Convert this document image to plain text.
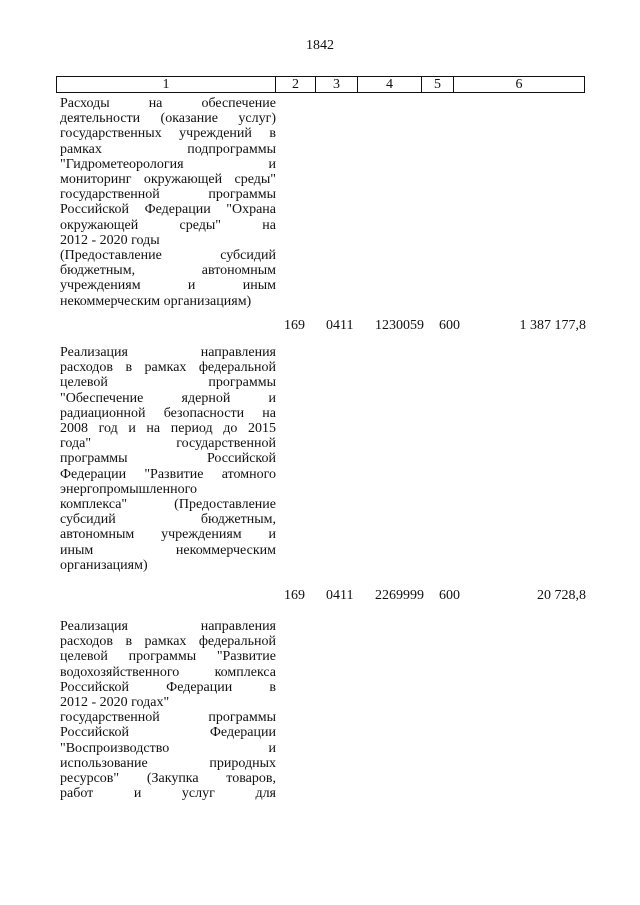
1842
1	2	3	4	5	6
Расходы на обеспечение
деятельности (оказание услуг)
государственных учреждений в
рамках подпрограммы
"Гидрометеорология и
мониторинг окружающей среды"
государственной программы
Российской Федерации "Охрана
окружающей среды" на
2012 - 2020 годы
(Предоставление субсидий
бюджетным, автономным
учреждениям и иным
некоммерческим организациям)
169 0411 1230059 600	1 387 177,8
Реализация направления
расходов в рамках федеральной
целевой программы
"Обеспечение ядерной и
радиационной безопасности на
2008 год и на период до 2015
года" государственной
программы Российской
Федерации "Развитие атомного
энергопромышленного
комплекса" (Предоставление
субсидий бюджетным,
автономным учреждениям и
иным некоммерческим
организациям)
169 0411 2269999 600	20 728,8
Реализация направления
расходов в рамках федеральной
целевой программы "Развитие
водохозяйственного комплекса
Российской Федерации в
2012 - 2020 годах"
государственной программы
Российской Федерации
"Воспроизводство и
использование природных
ресурсов" (Закупка товаров,
работ и услуг для
